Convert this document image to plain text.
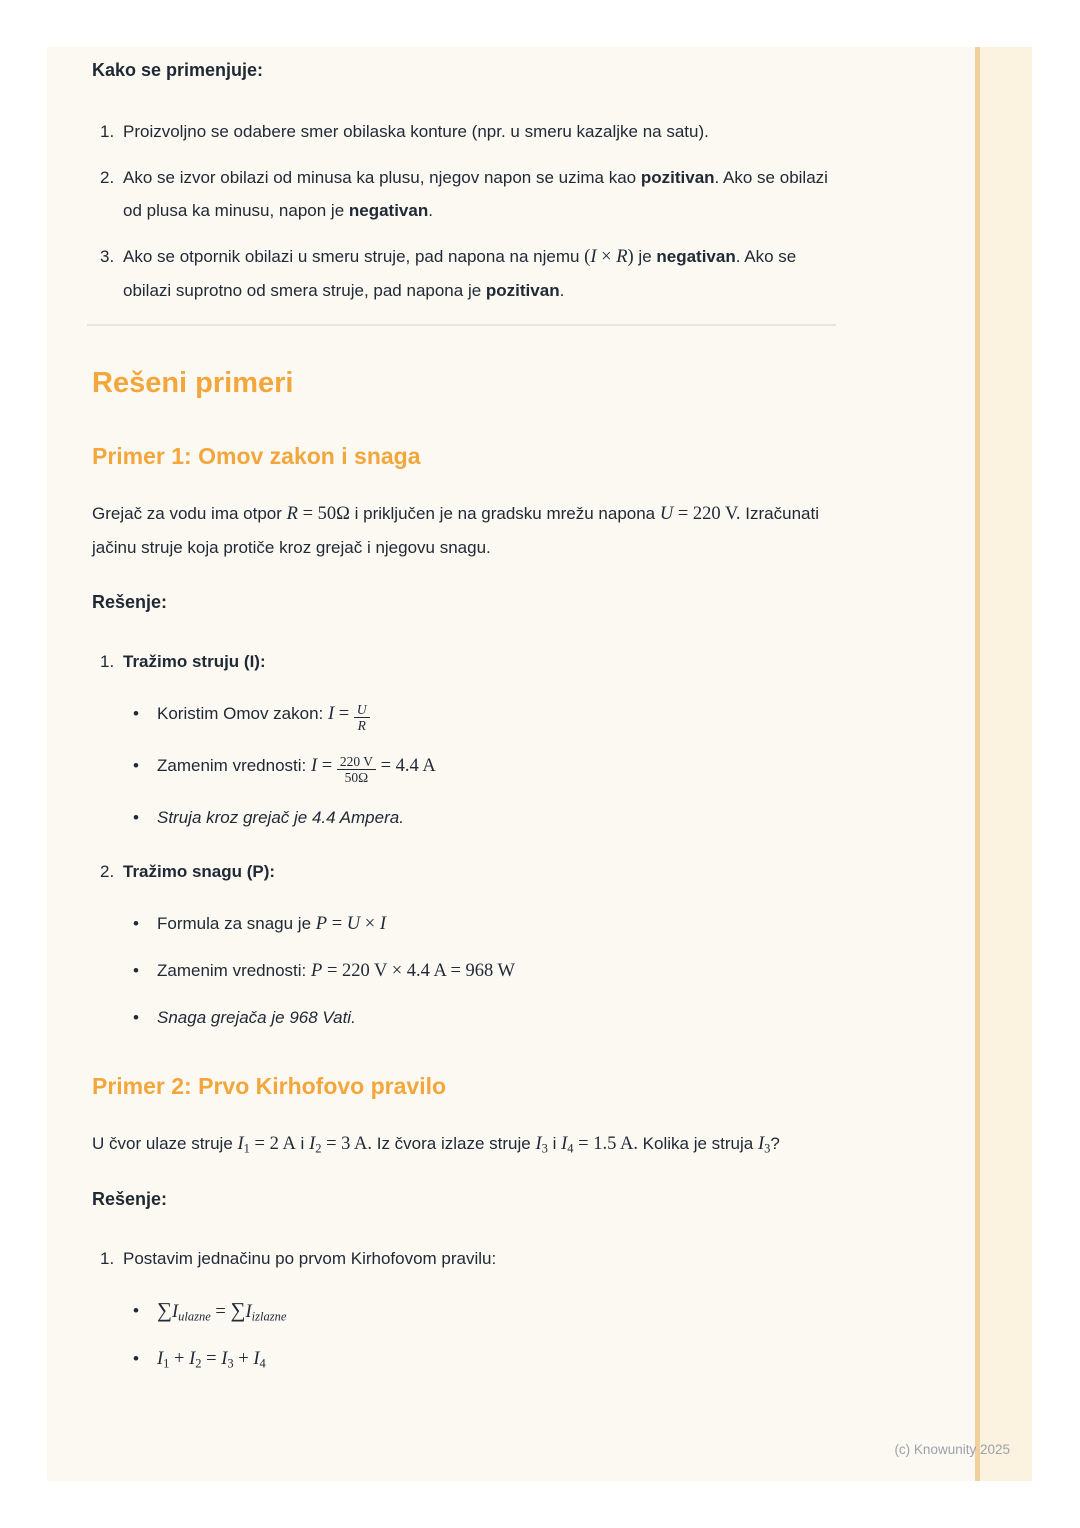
Kako se primenjuje:
1. Proizvoljno se odabere smer obilaska konture (npr. u smeru kazaljke na satu).
2. Ako se izvor obilazi od minusa ka plusu, njegov napon se uzima kao pozitivan. Ako se obilazi od plusa ka minusu, napon je negativan.
3. Ako se otpornik obilazi u smeru struje, pad napona na njemu (I × R) je negativan. Ako se obilazi suprotno od smera struje, pad napona je pozitivan.
Rešeni primeri
Primer 1: Omov zakon i snaga

Grejač za vodu ima otpor R = 50Ω i priključen je na gradsku mrežu napona U = 220 V. Izračunati jačinu struje koja protiče kroz grejač i njegovu snagu.

Rešenje:
1. Tražimo struju (I):
• Koristim Omov zakon: $I = \frac{U}{R}$
• Zamenim vrednosti: $I = \frac{220 V}{50\Omega} = 4.4$ A
• Struja kroz grejač je 4.4 Ampera.
2. Tražimo snagu (P):
• Formula za snagu je P = U × I
• Zamenim vrednosti: P = 220 V × 4.4 A = 968 W
• Snaga grejača je 968 Vati.
Primer 2: Prvo Kirhofovo pravilo

U čvor ulaze struje $I_1 = 2$ A i $I_2 = 3$ A. Iz čvora izlaze struje $I_3$ i $I_4 = 1.5$ A. Kolika je struja $I_3$?

Rešenje:
1. Postavim jednačinu po prvom Kirhofovom pravilu:
• $\sum I_{ulazne} = \sum I_{izlazne}$
• $I_1 + I_2 = I_3 + I_4$
(c) Knowunity 2025
